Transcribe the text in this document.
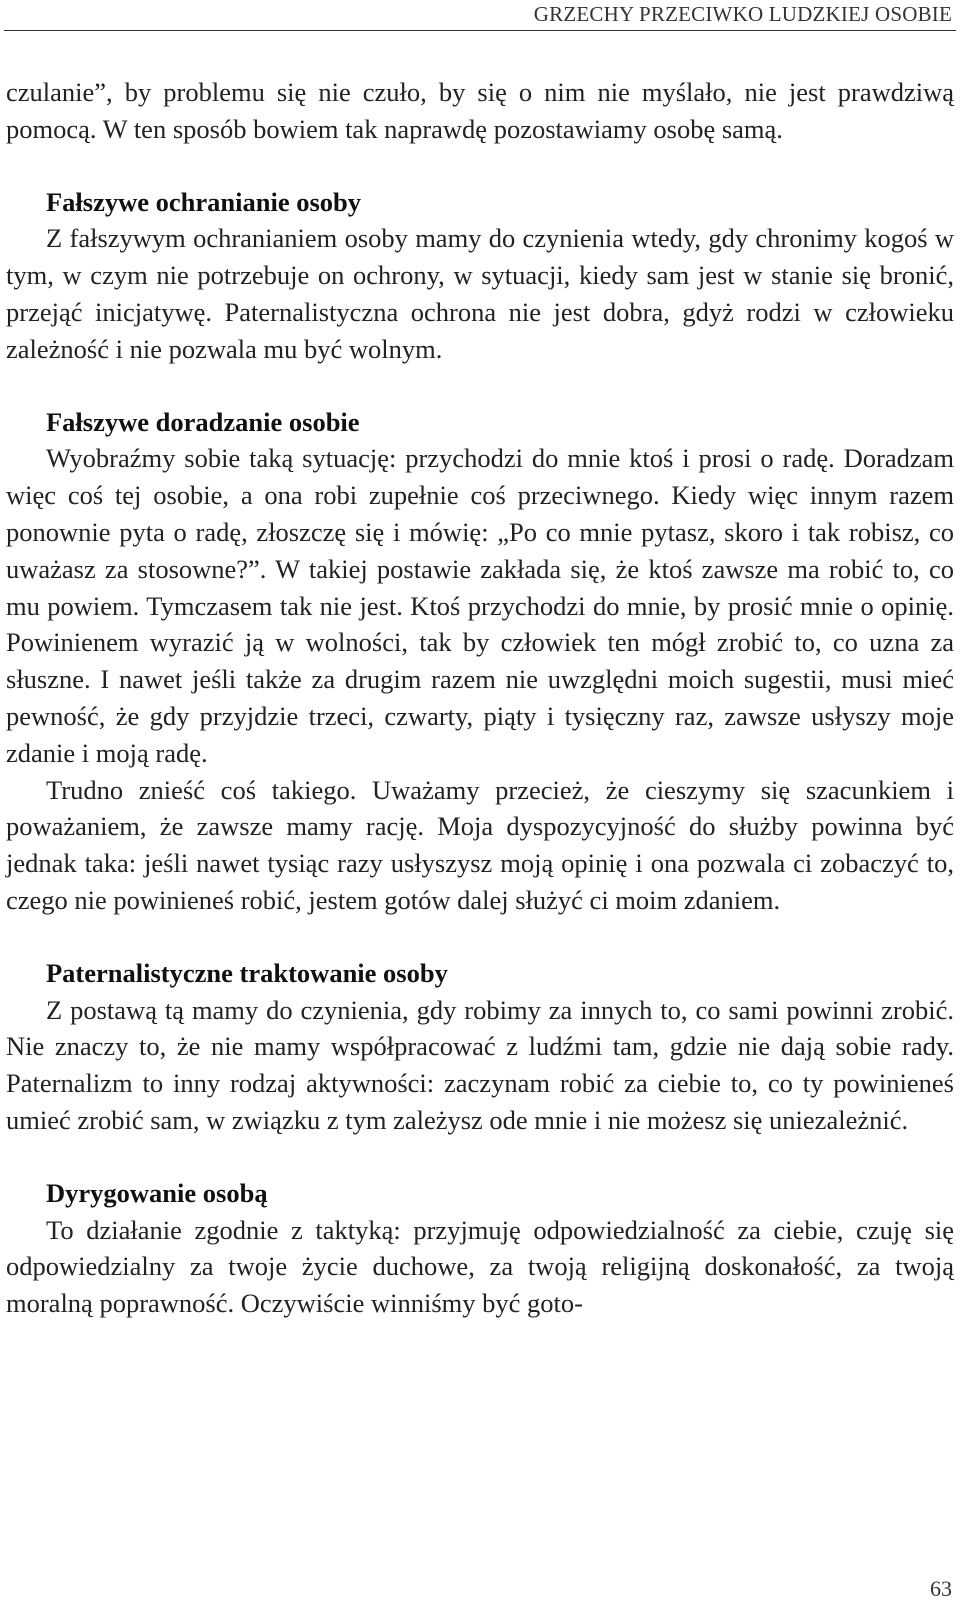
GRZECHY PRZECIWKO LUDZKIEJ OSOBIE

czulanie”, by problemu się nie czuło, by się o nim nie myślało, nie jest prawdziwą pomocą. W ten sposób bowiem tak naprawdę pozostawiamy osobę samą.

Fałszywe ochranianie osoby

Z fałszywym ochranianiem osoby mamy do czynienia wtedy, gdy chronimy kogoś w tym, w czym nie potrzebuje on ochrony, w sytuacji, kiedy sam jest w stanie się bronić, przejąć inicjatywę. Paternalistyczna ochrona nie jest dobra, gdyż rodzi w człowieku zależność i nie pozwala mu być wolnym.

Fałszywe doradzanie osobie

Wyobraźmy sobie taką sytuację: przychodzi do mnie ktoś i prosi o radę. Doradzam więc coś tej osobie, a ona robi zupełnie coś przeciwnego. Kiedy więc innym razem ponownie pyta o radę, złoszczę się i mówię: „Po co mnie pytasz, skoro i tak robisz, co uważasz za stosowne?”. W takiej postawie zakłada się, że ktoś zawsze ma robić to, co mu powiem. Tymczasem tak nie jest. Ktoś przychodzi do mnie, by prosić mnie o opinię. Powinienem wyrazić ją w wolności, tak by człowiek ten mógł zrobić to, co uzna za słuszne. I nawet jeśli także za drugim razem nie uwzględni moich sugestii, musi mieć pewność, że gdy przyjdzie trzeci, czwarty, piąty i tysięczny raz, zawsze usłyszy moje zdanie i moją radę.

Trudno znieść coś takiego. Uważamy przecież, że cieszymy się szacunkiem i poważaniem, że zawsze mamy rację. Moja dyspozycyjność do służby powinna być jednak taka: jeśli nawet tysiąc razy usłyszysz moją opinię i ona pozwala ci zobaczyć to, czego nie powinieneś robić, jestem gotów dalej służyć ci moim zdaniem.

Paternalistyczne traktowanie osoby

Z postawą tą mamy do czynienia, gdy robimy za innych to, co sami powinni zrobić. Nie znaczy to, że nie mamy współpracować z ludźmi tam, gdzie nie dają sobie rady. Paternalizm to inny rodzaj aktywności: zaczynam robić za ciebie to, co ty powinieneś umieć zrobić sam, w związku z tym zależysz ode mnie i nie możesz się uniezależnić.

Dyrygowanie osobą

To działanie zgodnie z taktyką: przyjmuję odpowiedzialność za ciebie, czuję się odpowiedzialny za twoje życie duchowe, za twoją religijną doskonałość, za twoją moralną poprawność. Oczywiście winniśmy być goto-

63
